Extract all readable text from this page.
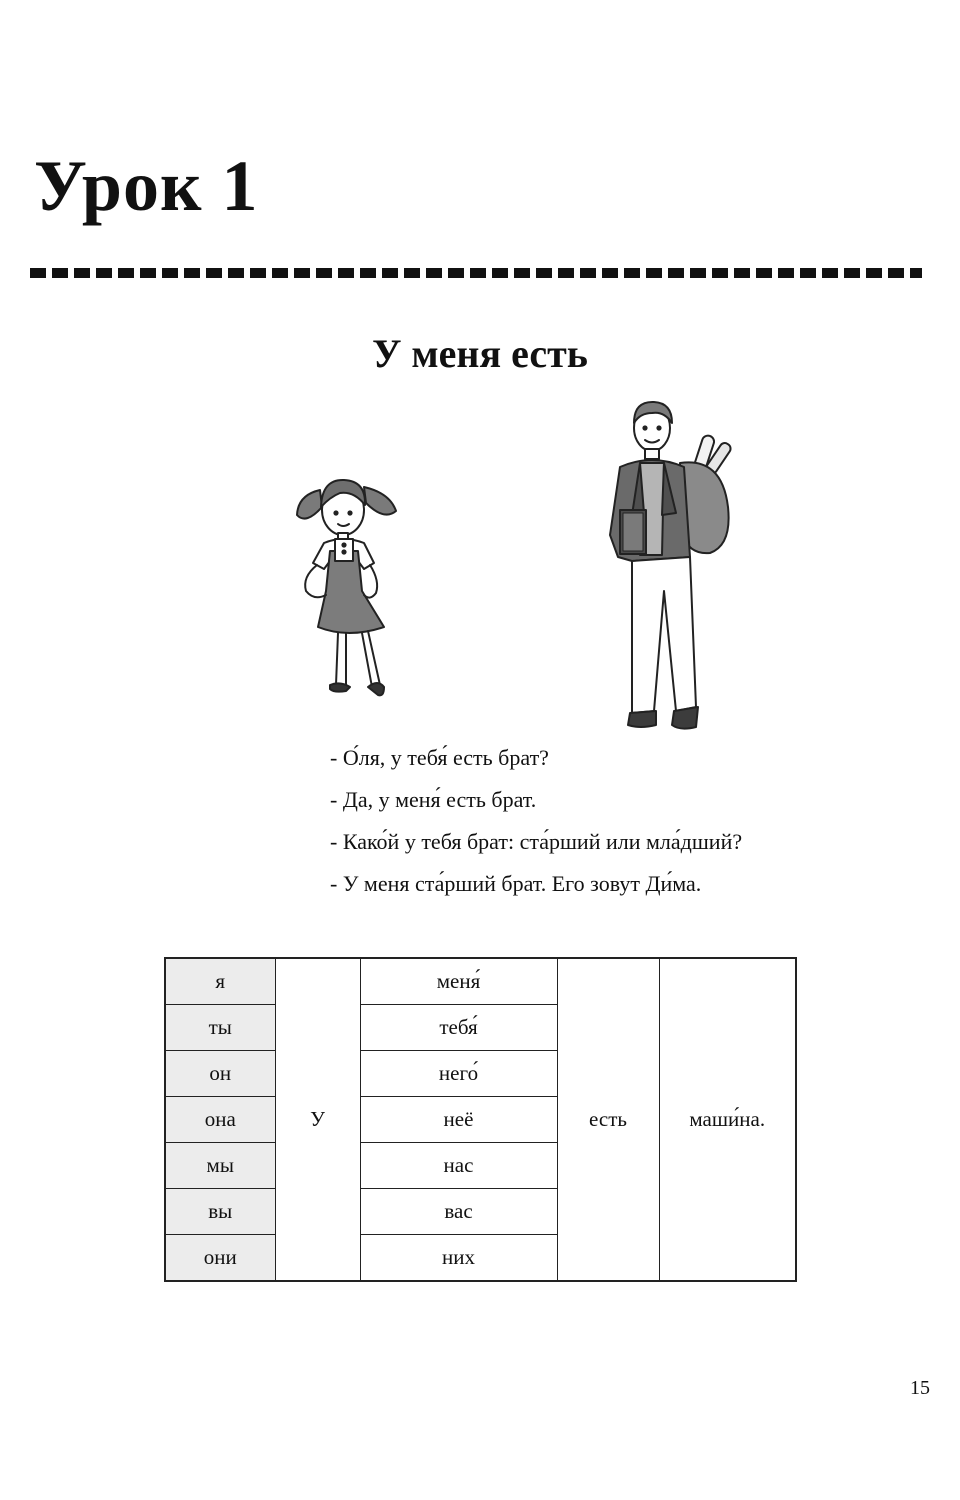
Урок 1
У меня есть
- О́ля, у тебя́ есть брат?
- Да, у меня́ есть брат.
- Како́й у тебя брат: ста́рший или мла́дший?
- У меня ста́рший брат. Его зовут Ди́ма.
я	У	меня́	есть	маши́на.
ты		тебя́		
он		него́		
она		неё		
мы		нас		
вы		вас		
они		них		
15
